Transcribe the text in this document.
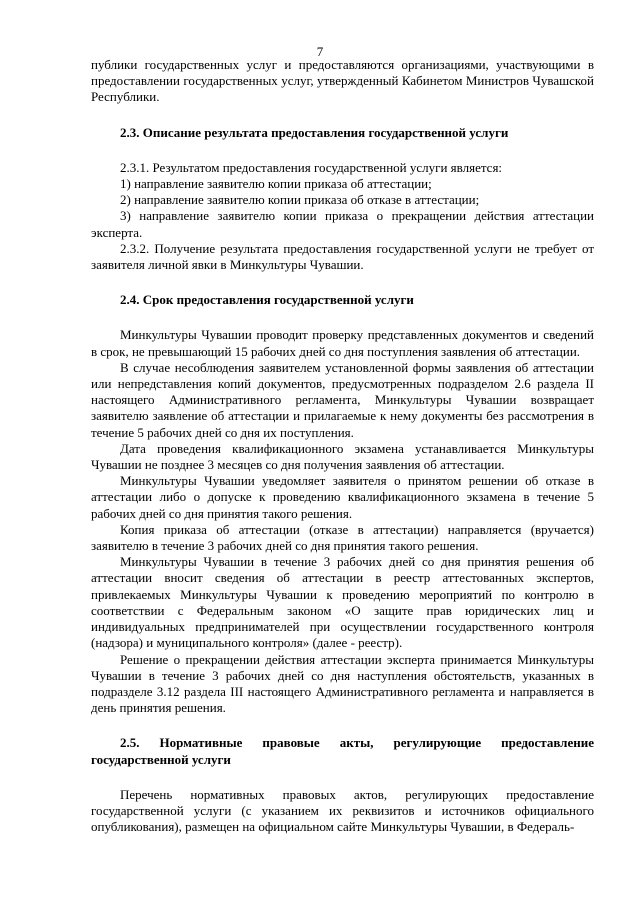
7

публики государственных услуг и предоставляются организациями, участвующими в предоставлении государственных услуг, утвержденный Кабинетом Министров Чувашской Республики.

2.3. Описание результата предоставления государственной услуги

2.3.1. Результатом предоставления государственной услуги является:

1) направление заявителю копии приказа об аттестации;

2) направление заявителю копии приказа об отказе в аттестации;

3) направление заявителю копии приказа о прекращении действия аттестации эксперта.

2.3.2. Получение результата предоставления государственной услуги не требует от заявителя личной явки в Минкультуры Чувашии.

2.4. Срок предоставления государственной услуги

Минкультуры Чувашии проводит проверку представленных документов и сведений в срок, не превышающий 15 рабочих дней со дня поступления заявления об аттестации.

В случае несоблюдения заявителем установленной формы заявления об аттестации или непредставления копий документов, предусмотренных подразделом 2.6 раздела II настоящего Административного регламента, Минкультуры Чувашии возвращает заявителю заявление об аттестации и прилагаемые к нему документы без рассмотрения в течение 5 рабочих дней со дня их поступления.

Дата проведения квалификационного экзамена устанавливается Минкультуры Чувашии не позднее 3 месяцев со дня получения заявления об аттестации.

Минкультуры Чувашии уведомляет заявителя о принятом решении об отказе в аттестации либо о допуске к проведению квалификационного экзамена в течение 5 рабочих дней со дня принятия такого решения.

Копия приказа об аттестации (отказе в аттестации) направляется (вручается) заявителю в течение 3 рабочих дней со дня принятия такого решения.

Минкультуры Чувашии в течение 3 рабочих дней со дня принятия решения об аттестации вносит сведения об аттестации в реестр аттестованных экспертов, привлекаемых Минкультуры Чувашии к проведению мероприятий по контролю в соответствии с Федеральным законом «О защите прав юридических лиц и индивидуальных предпринимателей при осуществлении государственного контроля (надзора) и муниципального контроля» (далее - реестр).

Решение о прекращении действия аттестации эксперта принимается Минкультуры Чувашии в течение 3 рабочих дней со дня наступления обстоятельств, указанных в подразделе 3.12 раздела III настоящего Административного регламента и направляется в день принятия решения.

2.5. Нормативные правовые акты, регулирующие предоставление государственной услуги

Перечень нормативных правовых актов, регулирующих предоставление государственной услуги (с указанием их реквизитов и источников официального опубликования), размещен на официальном сайте Минкультуры Чувашии, в Федераль-
